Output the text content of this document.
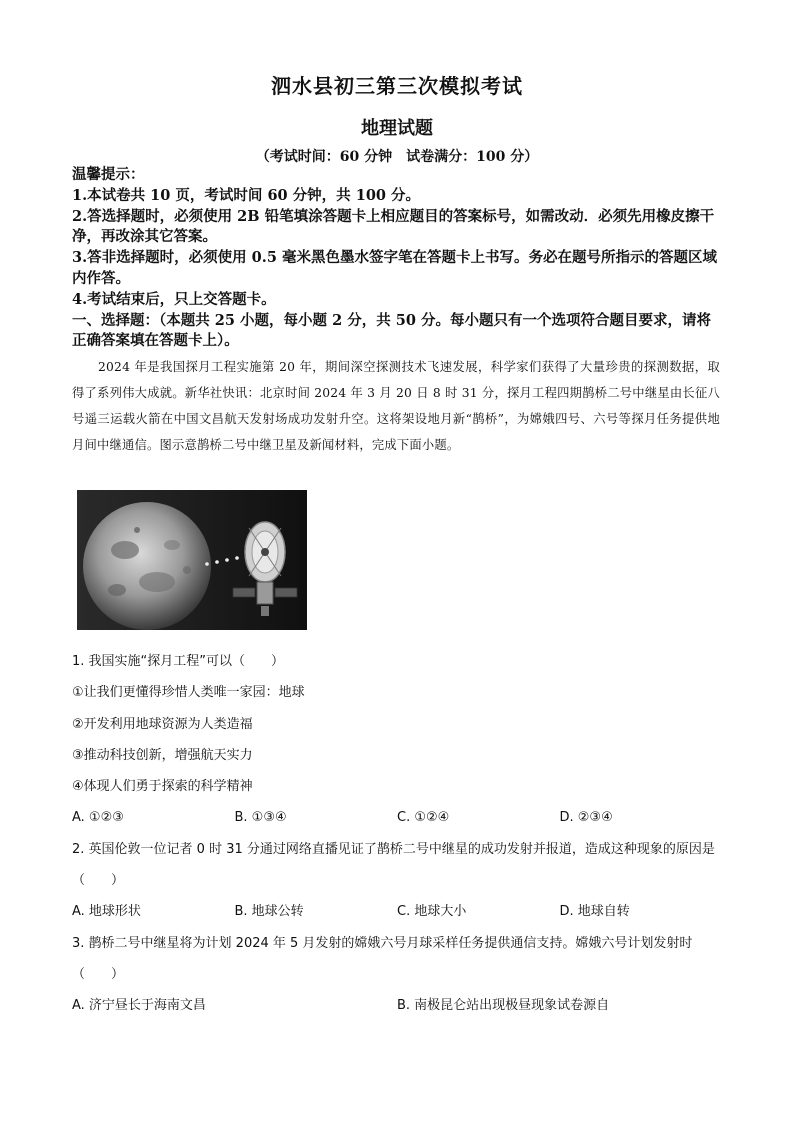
泗水县初三第三次模拟考试
地理试题
（考试时间：60 分钟　试卷满分：100 分）
温馨提示：
1.本试卷共 10 页，考试时间 60 分钟，共 100 分。
2.答选择题时，必须使用 2B 铅笔填涂答题卡上相应题目的答案标号，如需改动．必须先用橡皮擦干净，再改涂其它答案。
3.答非选择题时，必须使用 0.5 毫米黑色墨水签字笔在答题卡上书写。务必在题号所指示的答题区域内作答。
4.考试结束后，只上交答题卡。
一、选择题：（本题共 25 小题，每小题 2 分，共 50 分。每小题只有一个选项符合题目要求，请将正确答案填在答题卡上）。
2024 年是我国探月工程实施第 20 年，期间深空探测技术飞速发展，科学家们获得了大量珍贵的探测数据，取得了系列伟大成就。新华社快讯：北京时间 2024 年 3 月 20 日 8 时 31 分，探月工程四期鹊桥二号中继星由长征八号遥三运载火箭在中国文昌航天发射场成功发射升空。这将架设地月新“鹊桥”，为嫦娥四号、六号等探月任务提供地月间中继通信。图示意鹊桥二号中继卫星及新闻材料，完成下面小题。
1. 我国实施“探月工程”可以（　　）
①让我们更懂得珍惜人类唯一家园：地球
②开发利用地球资源为人类造福
③推动科技创新，增强航天实力
④体现人们勇于探索的科学精神
A. ①②③	B. ①③④	C. ①②④	D. ②③④
2. 英国伦敦一位记者 0 时 31 分通过网络直播见证了鹊桥二号中继星的成功发射并报道，造成这种现象的原因是（　　）
A. 地球形状	B. 地球公转	C. 地球大小	D. 地球自转
3. 鹊桥二号中继星将为计划 2024 年 5 月发射的嫦娥六号月球采样任务提供通信支持。嫦娥六号计划发射时（　　）
A. 济宁昼长于海南文昌	B. 南极昆仑站出现极昼现象试卷源自
